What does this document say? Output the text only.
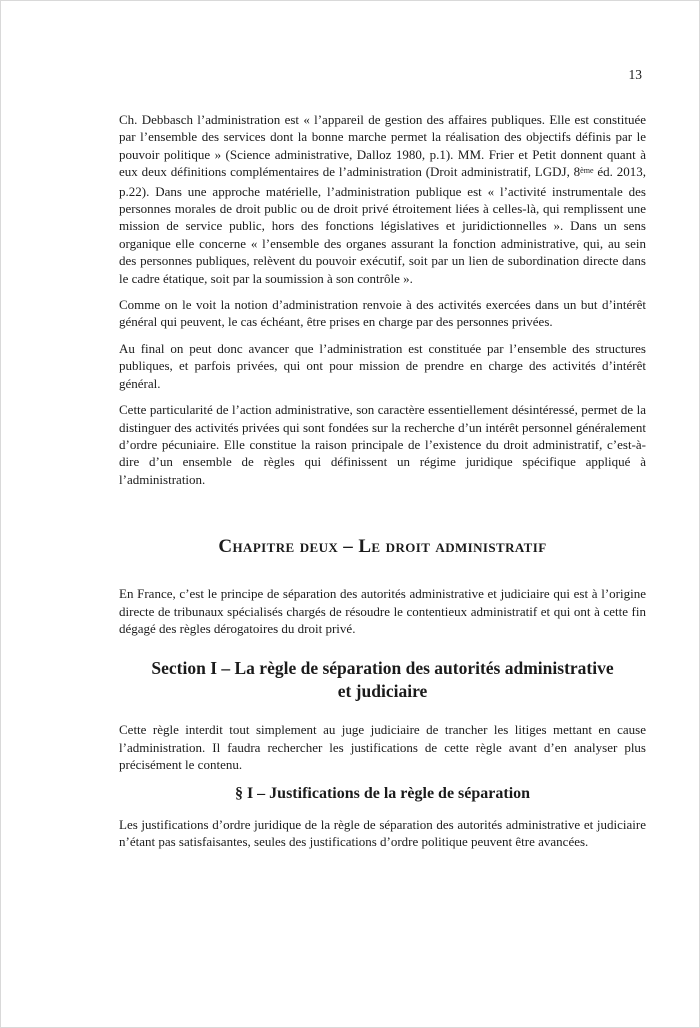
13

Ch. Debbasch l’administration est « l’appareil de gestion des affaires publiques. Elle est constituée par l’ensemble des services dont la bonne marche permet la réalisation des objectifs définis par le pouvoir politique » (Science administrative, Dalloz 1980, p.1). MM. Frier et Petit donnent quant à eux deux définitions complémentaires de l’administration (Droit administratif, LGDJ, 8ème éd. 2013, p.22). Dans une approche matérielle, l’administration publique est « l’activité instrumentale des personnes morales de droit public ou de droit privé étroitement liées à celles-là, qui remplissent une mission de service public, hors des fonctions législatives et juridictionnelles ». Dans un sens organique elle concerne « l’ensemble des organes assurant la fonction administrative, qui, au sein des personnes publiques, relèvent du pouvoir exécutif, soit par un lien de subordination directe dans le cadre étatique, soit par la soumission à son contrôle ».

Comme on le voit la notion d’administration renvoie à des activités exercées dans un but d’intérêt général qui peuvent, le cas échéant, être prises en charge par des personnes privées.

Au final on peut donc avancer que l’administration est constituée par l’ensemble des structures publiques, et parfois privées, qui ont pour mission de prendre en charge des activités d’intérêt général.

Cette particularité de l’action administrative, son caractère essentiellement désintéressé, permet de la distinguer des activités privées qui sont fondées sur la recherche d’un intérêt personnel généralement d’ordre pécuniaire. Elle constitue la raison principale de l’existence du droit administratif, c’est-à-dire d’un ensemble de règles qui définissent un régime juridique spécifique appliqué à l’administration.

Chapitre deux – Le droit administratif

En France, c’est le principe de séparation des autorités administrative et judiciaire qui est à l’origine directe de tribunaux spécialisés chargés de résoudre le contentieux administratif et qui ont à cette fin dégagé des règles dérogatoires du droit privé.

Section I – La règle de séparation des autorités administrative
et judiciaire

Cette règle interdit tout simplement au juge judiciaire de trancher les litiges mettant en cause l’administration. Il faudra rechercher les justifications de cette règle avant d’en analyser plus précisément le contenu.

§ I – Justifications de la règle de séparation

Les justifications d’ordre juridique de la règle de séparation des autorités administrative et judiciaire n’étant pas satisfaisantes, seules des justifications d’ordre politique peuvent être avancées.
